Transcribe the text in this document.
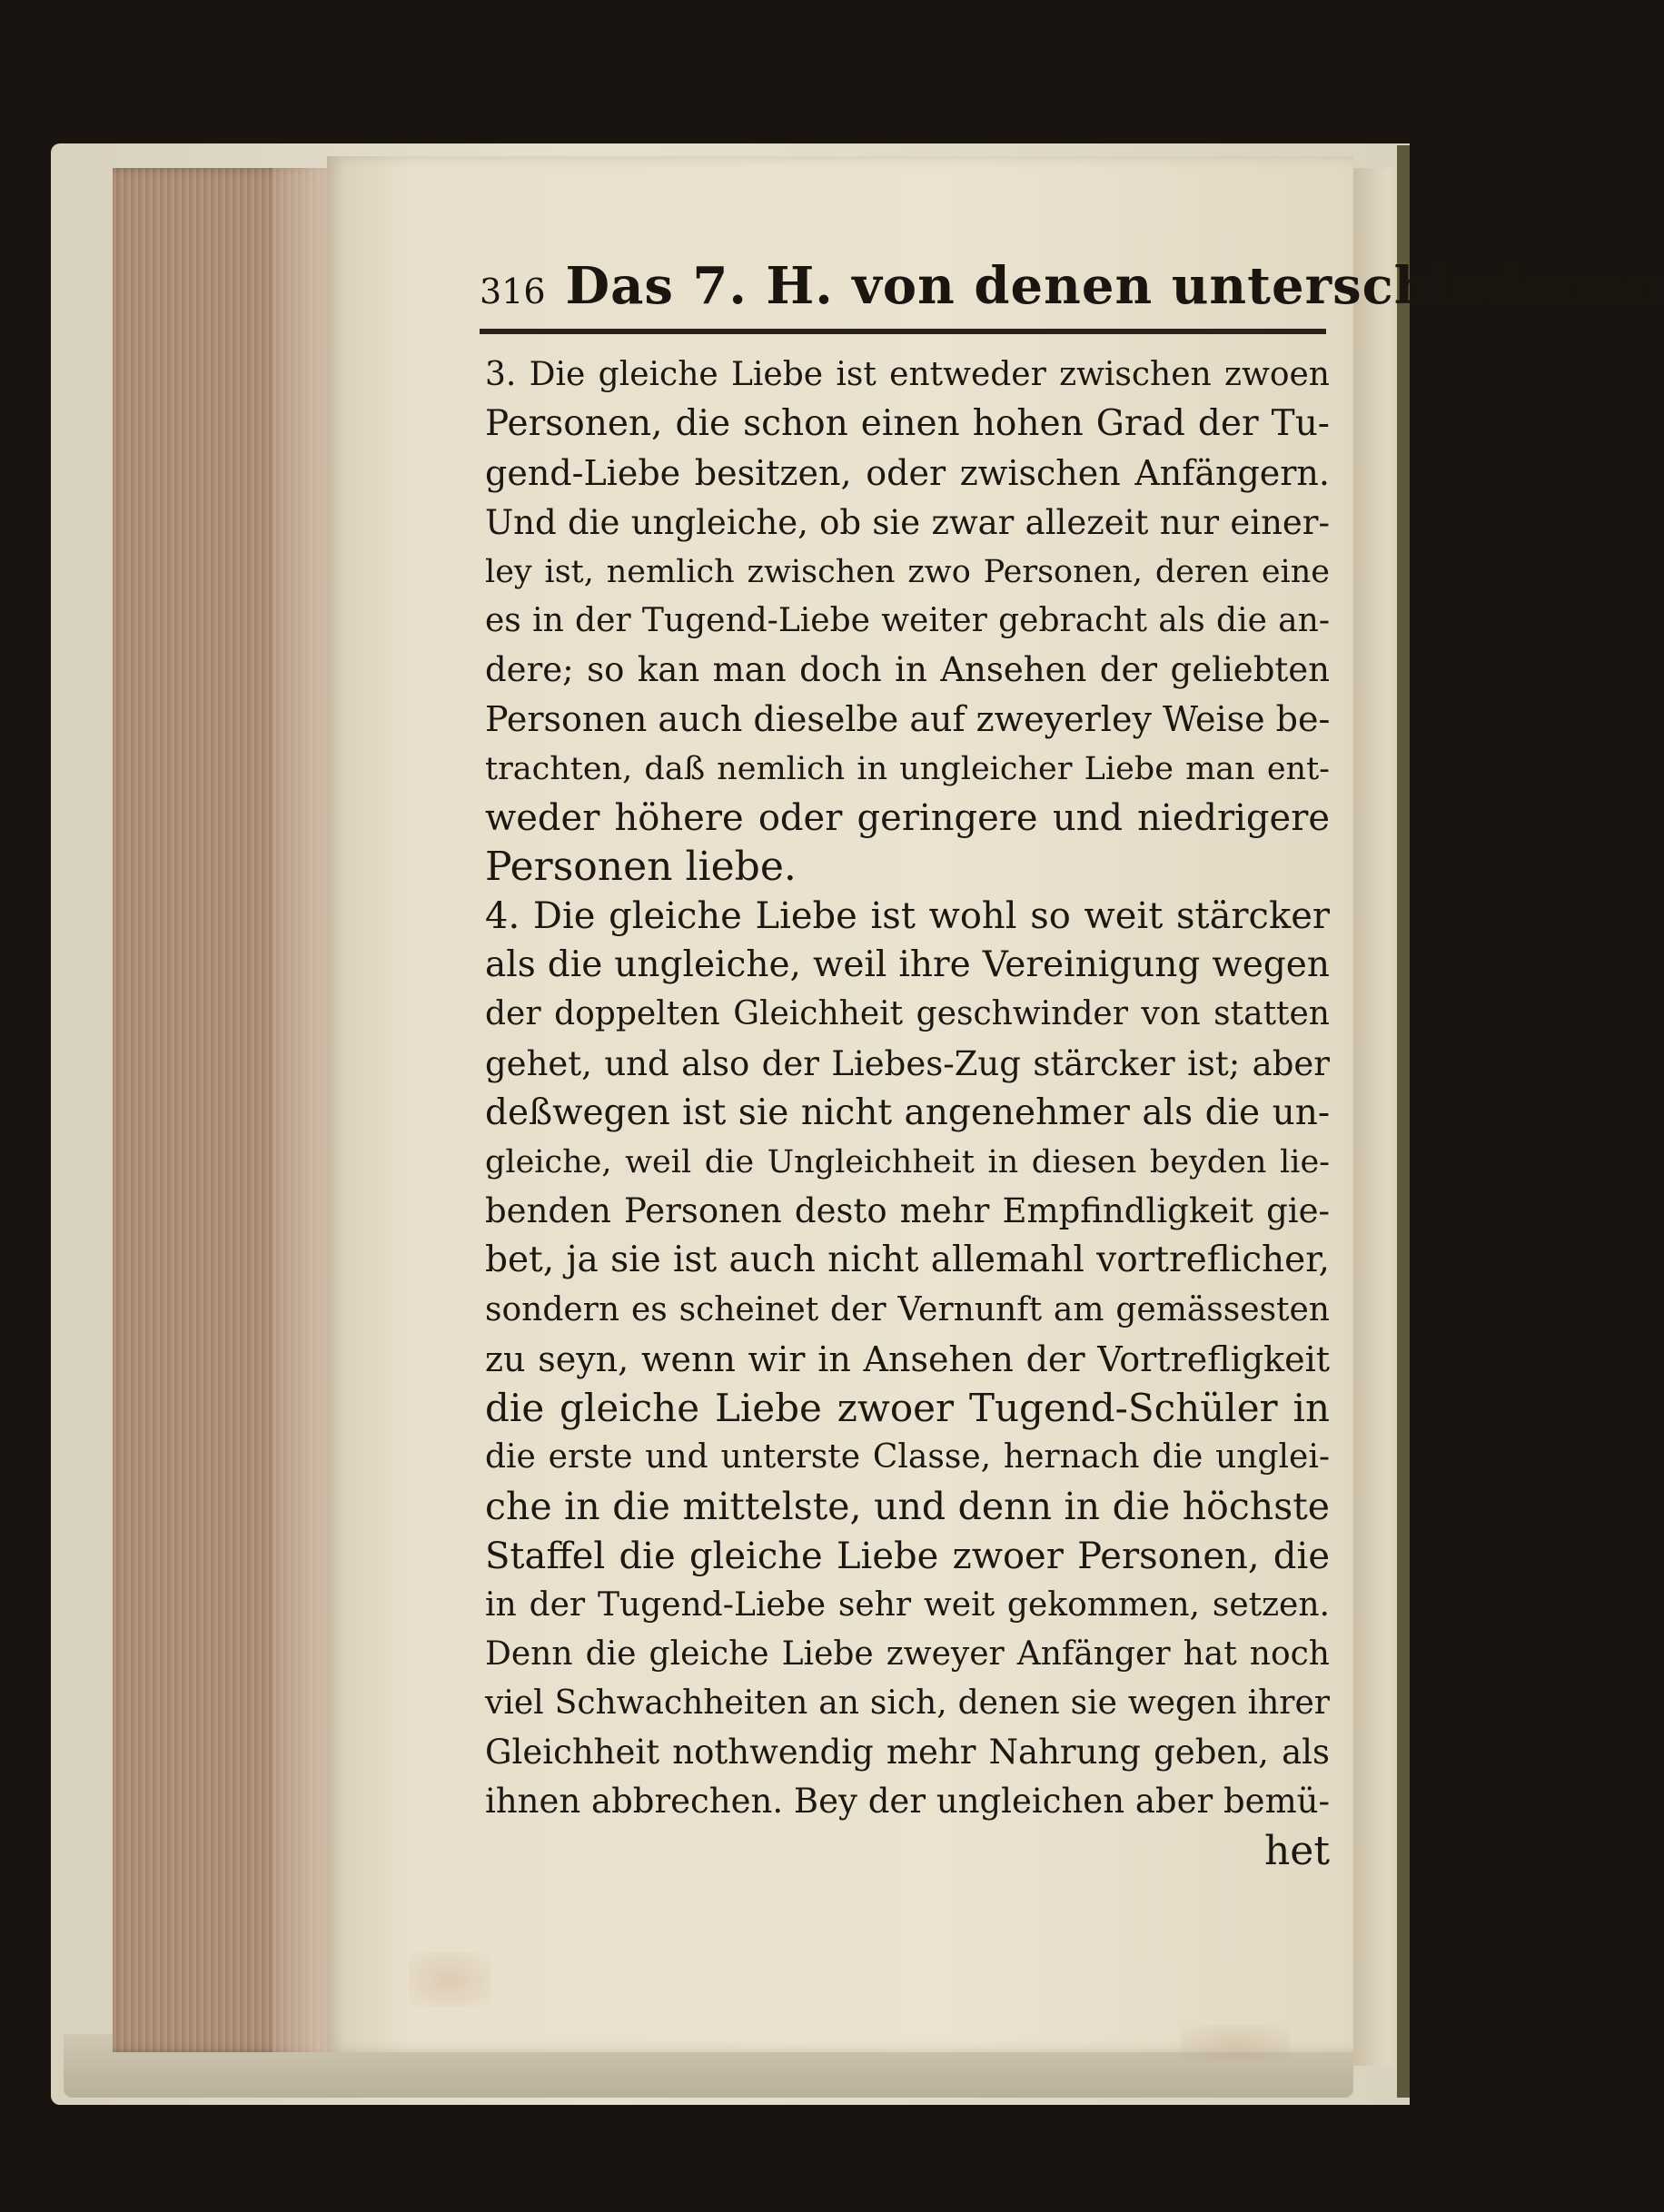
316 Das 7. H. von denen unterschiedenen
3. Die gleiche Liebe ist entweder zwischen zwoen
Personen, die schon einen hohen Grad der Tu-
gend-Liebe besitzen, oder zwischen Anfängern.
Und die ungleiche, ob sie zwar allezeit nur einer-
ley ist, nemlich zwischen zwo Personen, deren eine
es in der Tugend-Liebe weiter gebracht als die an-
dere; so kan man doch in Ansehen der geliebten
Personen auch dieselbe auf zweyerley Weise be-
trachten, daß nemlich in ungleicher Liebe man ent-
weder höhere oder geringere und niedrigere
Personen liebe.
4. Die gleiche Liebe ist wohl so weit stärcker
als die ungleiche, weil ihre Vereinigung wegen
der doppelten Gleichheit geschwinder von statten
gehet, und also der Liebes-Zug stärcker ist; aber
deßwegen ist sie nicht angenehmer als die un-
gleiche, weil die Ungleichheit in diesen beyden lie-
benden Personen desto mehr Empfindligkeit gie-
bet, ja sie ist auch nicht allemahl vortreflicher,
sondern es scheinet der Vernunft am gemässesten
zu seyn, wenn wir in Ansehen der Vortrefligkeit
die gleiche Liebe zwoer Tugend-Schüler in
die erste und unterste Classe, hernach die unglei-
che in die mittelste, und denn in die höchste
Staffel die gleiche Liebe zwoer Personen, die
in der Tugend-Liebe sehr weit gekommen, setzen.
Denn die gleiche Liebe zweyer Anfänger hat noch
viel Schwachheiten an sich, denen sie wegen ihrer
Gleichheit nothwendig mehr Nahrung geben, als
ihnen abbrechen. Bey der ungleichen aber bemü-
het
